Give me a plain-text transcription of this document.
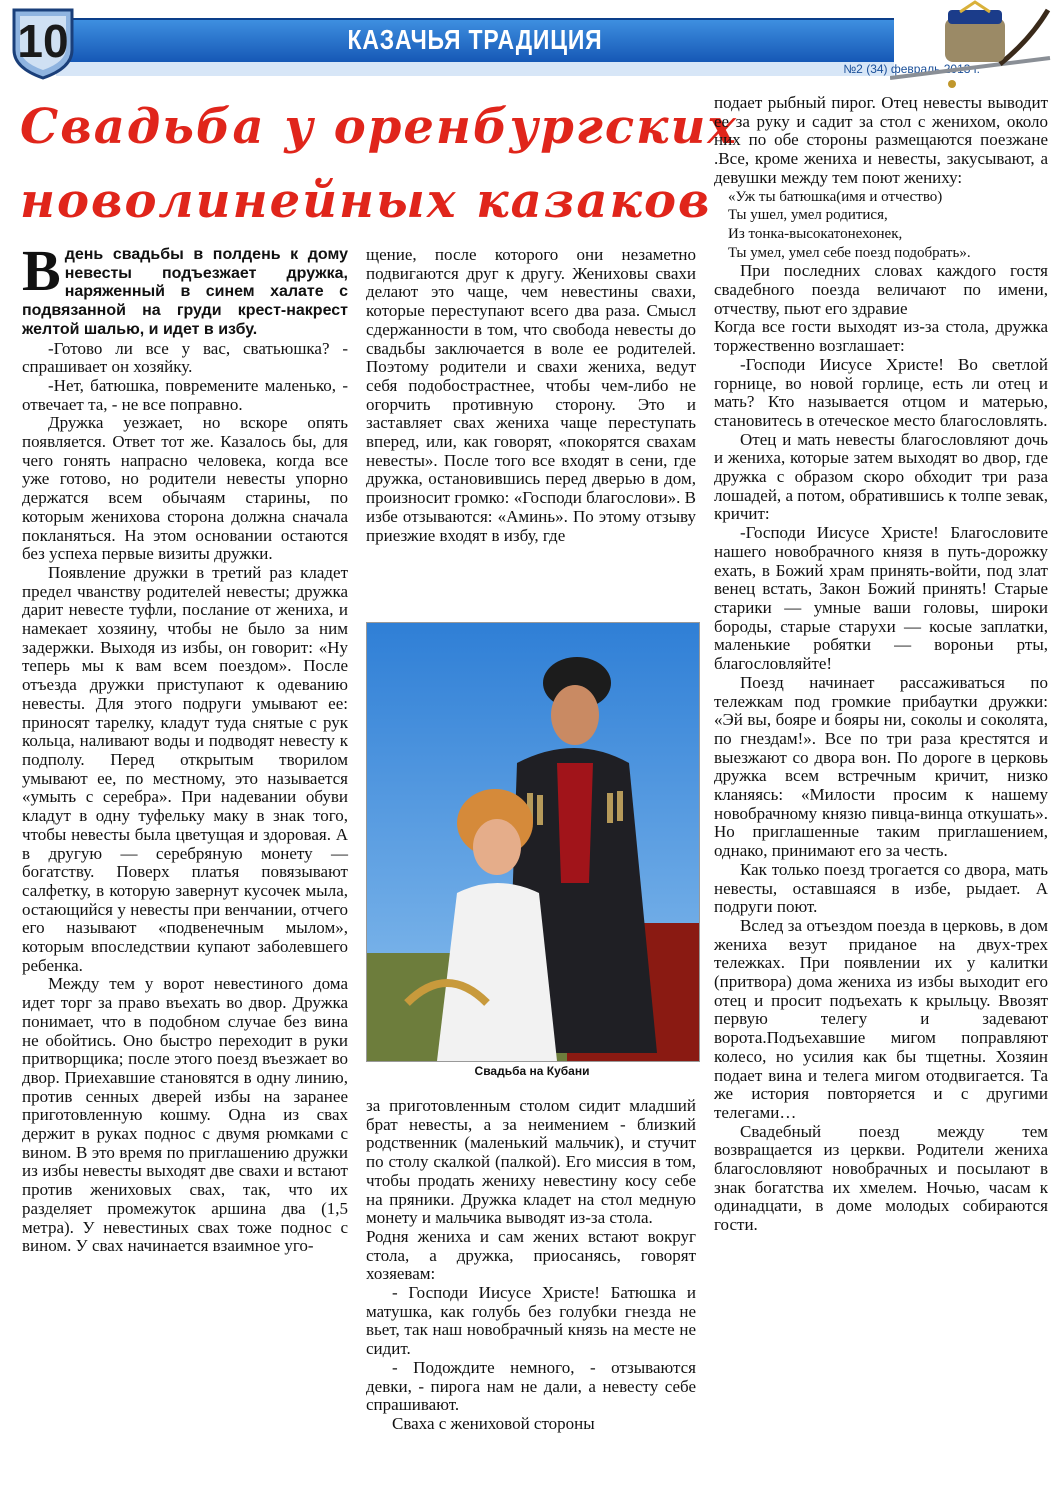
КАЗАЧЬЯ ТРАДИЦИЯ
№2 (34) февраль 2013 г.
10
Свадьба у оренбургских
новолинейных казаков

Вдень свадьбы в полдень к дому невесты подъезжает дружка, наряженный в синем халате с подвязанной на груди крест-накрест желтой шалью, и идет в избу.

-Готово ли все у вас, сватьюшка? - спрашивает он хозяйку.

-Нет, батюшка, повремените маленько, - отвечает та, - не все поправно.

Дружка уезжает, но вскоре опять появляется. Ответ тот же. Казалось бы, для чего гонять напрасно человека, когда все уже готово, но родители невесты упорно держатся всем обычаям старины, по которым женихова сторона должна сначала покланяться. На этом основании остаются без успеха первые визиты дружки.

Появление дружки в третий раз кладет предел чванству родителей невесты; дружка дарит невесте туфли, послание от жениха, и намекает хозяину, чтобы не было за ним задержки. Выходя из избы, он говорит: «Ну теперь мы к вам всем поездом». После отъезда дружки приступают к одеванию невесты. Для этого подруги умывают ее: приносят тарелку, кладут туда снятые с рук кольца, наливают воды и подводят невесту к подполу. Перед открытым творилом умывают ее, по местному, это называется «умыть с серебра». При надевании обуви кладут в одну туфельку маку в знак того, чтобы невесты была цветущая и здоровая. А в другую — серебряную монету — богатству. Поверх платья повязывают салфетку, в которую завернут кусочек мыла, остающийся у невесты при венчании, отчего его называют «подвенечным мылом», которым впоследствии купают заболевшего ребенка.

Между тем у ворот невестиного дома идет торг за право въехать во двор. Дружка понимает, что в подобном случае без вина не обойтись. Оно быстро переходит в руки притворщика; после этого поезд въезжает во двор. Приехавшие становятся в одну линию, против сенных дверей избы на заранее приготовленную кошму. Одна из свах держит в руках поднос с двумя рюмками с вином. В это время по приглашению дружки из избы невесты выходят две свахи и встают против жениховых свах, так, что их разделяет промежуток аршина два (1,5 метра). У невестиных свах тоже поднос с вином. У свах начинается взаимное уго-

щение, после которого они незаметно подвигаются друг к другу. Жениховы свахи делают это чаще, чем невестины свахи, которые переступают всего два раза. Смысл сдержанности в том, что свобода невесты до свадьбы заключается в воле ее родителей. Поэтому родители и свахи жениха, ведут себя подобострастнее, чтобы чем-либо не огорчить противную сторону. Это и заставляет свах жениха чаще переступать вперед, или, как говорят, «покорятся свахам невесты». После того все входят в сени, где дружка, остановившись перед дверью в дом, произносит громко: «Господи благослови». В избе отзываются: «Аминь». По этому отзыву приезжие входят в избу, где

Свадьба на Кубани

за приготовленным столом сидит младший брат невесты, а за неимением - близкий родственник (маленький мальчик), и стучит по столу скалкой (палкой). Его миссия в том, чтобы продать жениху невестину косу себе на пряники. Дружка кладет на стол медную монету и мальчика выводят из-за стола.

Родня жениха и сам жених встают вокруг стола, а дружка, приосанясь, говорят хозяевам:

- Господи Иисусе Христе! Батюшка и матушка, как голубь без голубки гнезда не вьет, так наш новобрачный князь на месте не сидит.

- Подождите немного, - отзываются девки, - пирога нам не дали, а невесту себе спрашивают.

Сваха с жениховой стороны

подает рыбный пирог. Отец невесты выводит ее за руку и садит за стол с женихом, около них по обе стороны размещаются поезжане .Все, кроме жениха и невесты, закусывают, а девушки между тем поют жениху:

«Уж ты батюшка(имя и отчество)

Ты ушел, умел родитися,

Из тонка-высокатонехонек,

Ты умел, умел себе поезд подобрать».

При последних словах каждого гостя свадебного поезда величают по имени, отчеству, пьют его здравие

Когда все гости выходят из-за стола, дружка торжественно возглашает:

-Господи Иисусе Христе! Во светлой горнице, во новой горлице, есть ли отец и мать? Кто называется отцом и матерью, становитесь в отеческое место благословлять.

Отец и мать невесты благословляют дочь и жениха, которые затем выходят во двор, где дружка с образом скоро обходит три раза лошадей, а потом, обратившись к толпе зевак, кричит:

-Господи Иисусе Христе! Благословите нашего новобрачного князя в путь-дорожку ехать, в Божий храм принять-войти, под злат венец встать, Закон Божий принять! Старые старики — умные ваши головы, широки бороды, старые старухи — косые заплатки, маленькие робятки — вороньи рты, благословляйте!

Поезд начинает рассаживаться по тележкам под громкие прибаутки дружки: «Эй вы, бояре и бояры ни, соколы и соколята, по гнездам!». Все по три раза крестятся и выезжают со двора вон. По дороге в церковь дружка всем встречным кричит, низко кланяясь: «Милости просим к нашему новобрачному князю пивца-винца откушать». Но приглашенные таким приглашением, однако, принимают его за честь.

Как только поезд трогается со двора, мать невесты, оставшаяся в избе, рыдает. А подруги поют.

Вслед за отъездом поезда в церковь, в дом жениха везут приданое на двух-трех тележках. При появлении их у калитки (притвора) дома жениха из избы выходит его отец и просит подъехать к крыльцу. Ввозят первую телегу и задевают ворота.Подъехавшие мигом поправляют колесо, но усилия как бы тщетны. Хозяин подает вина и телега мигом отодвигается. Та же история повторяется и с другими телегами…

Свадебный поезд между тем возвращается из церкви. Родители жениха благословляют новобрачных и посылают в знак богатства их хмелем. Ночью, часам к одинадцати, в доме молодых собираются гости.
